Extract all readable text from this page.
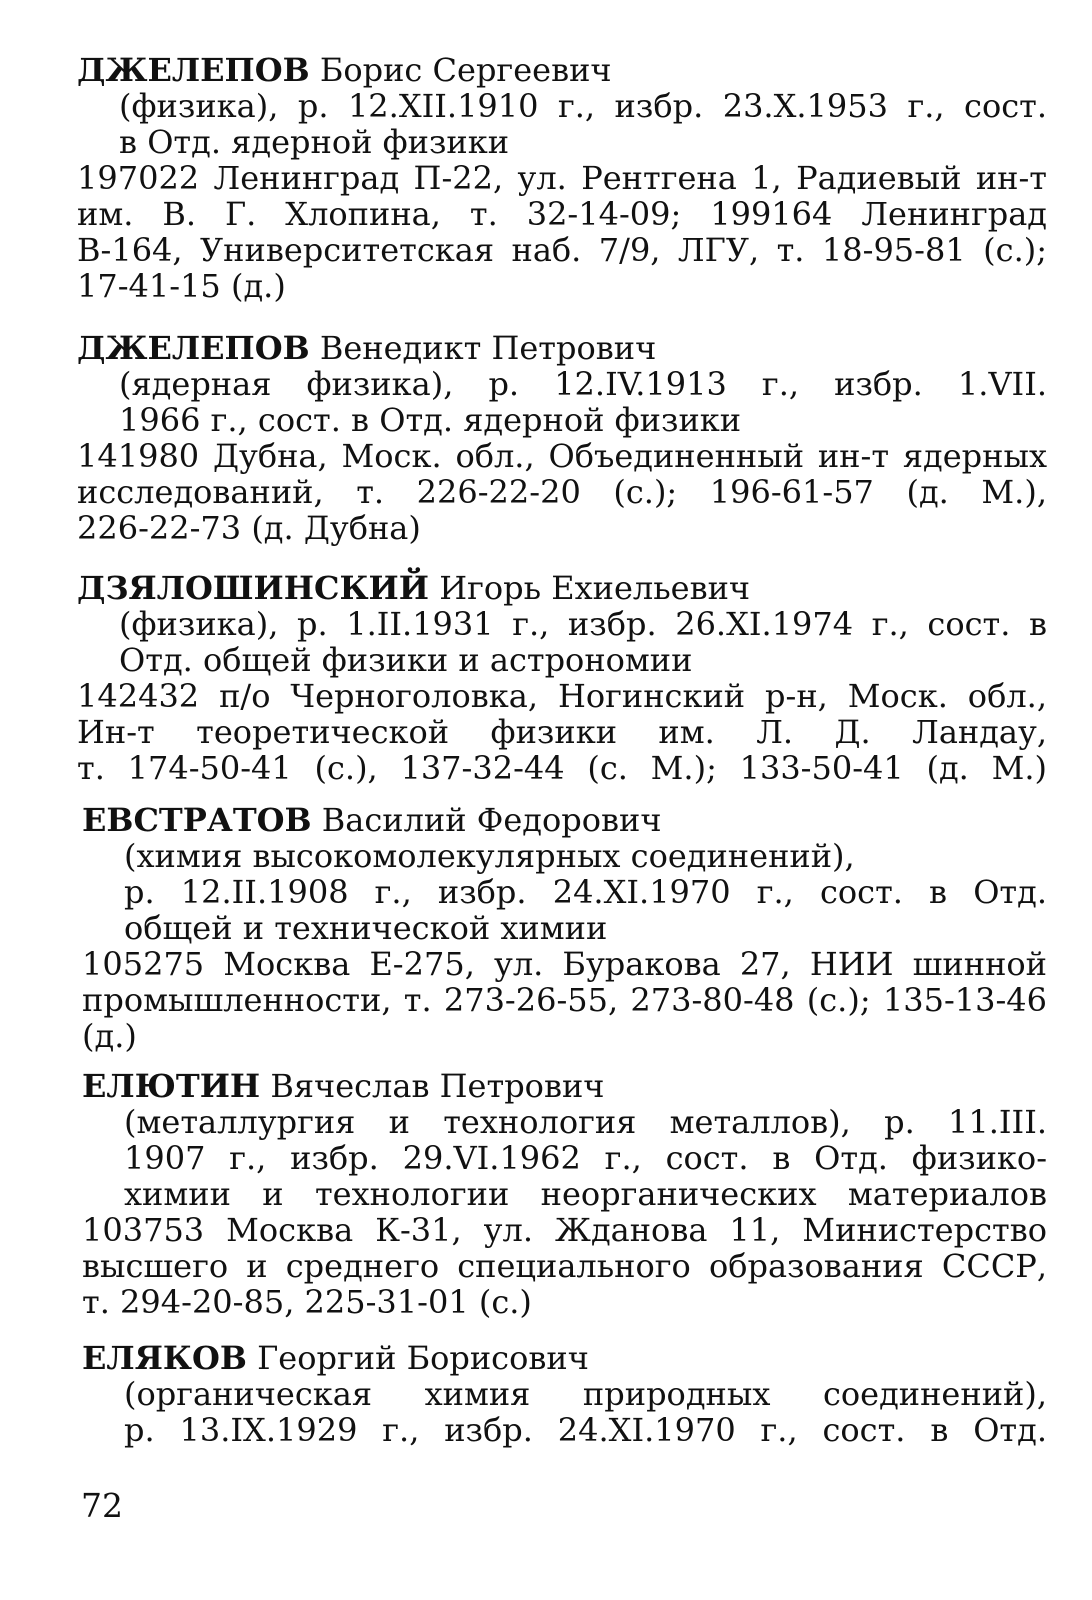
ДЖЕЛЕПОВ Борис Сергеевич
(физика), р. 12.XII.1910 г., избр. 23.X.1953 г., сост.
в Отд. ядерной физики
197022 Ленинград П-22, ул. Рентгена 1, Радиевый ин-т
им. В. Г. Хлопина, т. 32-14-09; 199164 Ленинград
В-164, Университетская наб. 7/9, ЛГУ, т. 18-95-81 (с.);
17-41-15 (д.)
ДЖЕЛЕПОВ Венедикт Петрович
(ядерная физика), р. 12.IV.1913 г., избр. 1.VII.
1966 г., сост. в Отд. ядерной физики
141980 Дубна, Моск. обл., Объединенный ин-т ядерных
исследований, т. 226-22-20 (с.); 196-61-57 (д. М.),
226-22-73 (д. Дубна)
ДЗЯЛОШИНСКИЙ Игорь Ехиельевич
(физика), р. 1.II.1931 г., избр. 26.XI.1974 г., сост. в
Отд. общей физики и астрономии
142432 п/о Черноголовка, Ногинский р-н, Моск. обл.,
Ин-т теоретической физики им. Л. Д. Ландау,
т. 174-50-41 (с.), 137-32-44 (с. М.); 133-50-41 (д. М.)
ЕВСТРАТОВ Василий Федорович
(химия высокомолекулярных соединений),
р. 12.II.1908 г., избр. 24.XI.1970 г., сост. в Отд.
общей и технической химии
105275 Москва Е-275, ул. Буракова 27, НИИ шинной
промышленности, т. 273-26-55, 273-80-48 (с.); 135-13-46
(д.)
ЕЛЮТИН Вячеслав Петрович
(металлургия и технология металлов), р. 11.III.
1907 г., избр. 29.VI.1962 г., сост. в Отд. физико-
химии и технологии неорганических материалов
103753 Москва К-31, ул. Жданова 11, Министерство
высшего и среднего специального образования СССР,
т. 294-20-85, 225-31-01 (с.)
ЕЛЯКОВ Георгий Борисович
(органическая химия природных соединений),
р. 13.IX.1929 г., избр. 24.XI.1970 г., сост. в Отд.
72
